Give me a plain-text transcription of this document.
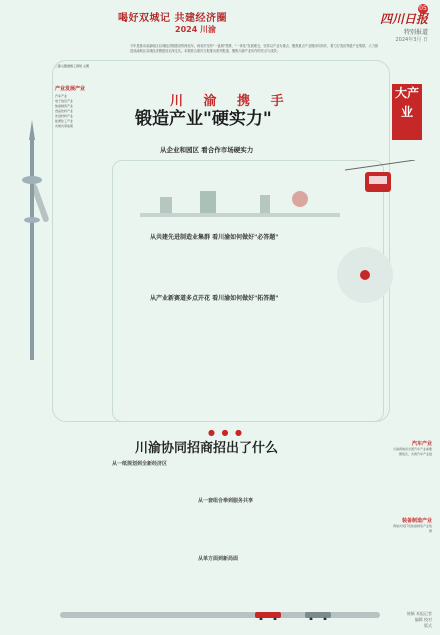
喝好双城记 共建经济圈
2024 川渝
05
四川日报
特别报道
2024年3月 日
今年是推动成渝地区双城经济圈建设的深化年。两省市坚持"一盘棋"思维、"一体化"发展理念，坚持以产业为重点，聚焦重点产业链协同协作，着力打造世界级产业集群，大力推进成渝地区双城经济圈建设走深走实。本报联合重庆日报推出系列报道，聚焦川渝产业协作的亮点与成效。
二郎山隧道施工现场 主图
产业发展产业
汽车产业
电子信息产业
装备制造产业
食品饮料产业
先进材料产业
能源化工产业
共建共享成果
川 渝 携 手
锻造产业"硬实力"
从企业和园区 看合作市场硬实力
大产业
从共建先进制造业集群 看川渝如何做好"必答题"
从产业新赛道多点开花 看川渝如何做好"拓答题"
● ● ●
川渝协同招商招出了什么
从一纸规划到全新经济区
从一套组合拳到服务共享
从单方面到新局面
汽车产业
川渝两地是全国汽车产业重要聚集区，共建汽车产业链
装备制造产业
两地共同打造装备制造产业集群
统稿 本报记者
编辑 校对
版式
